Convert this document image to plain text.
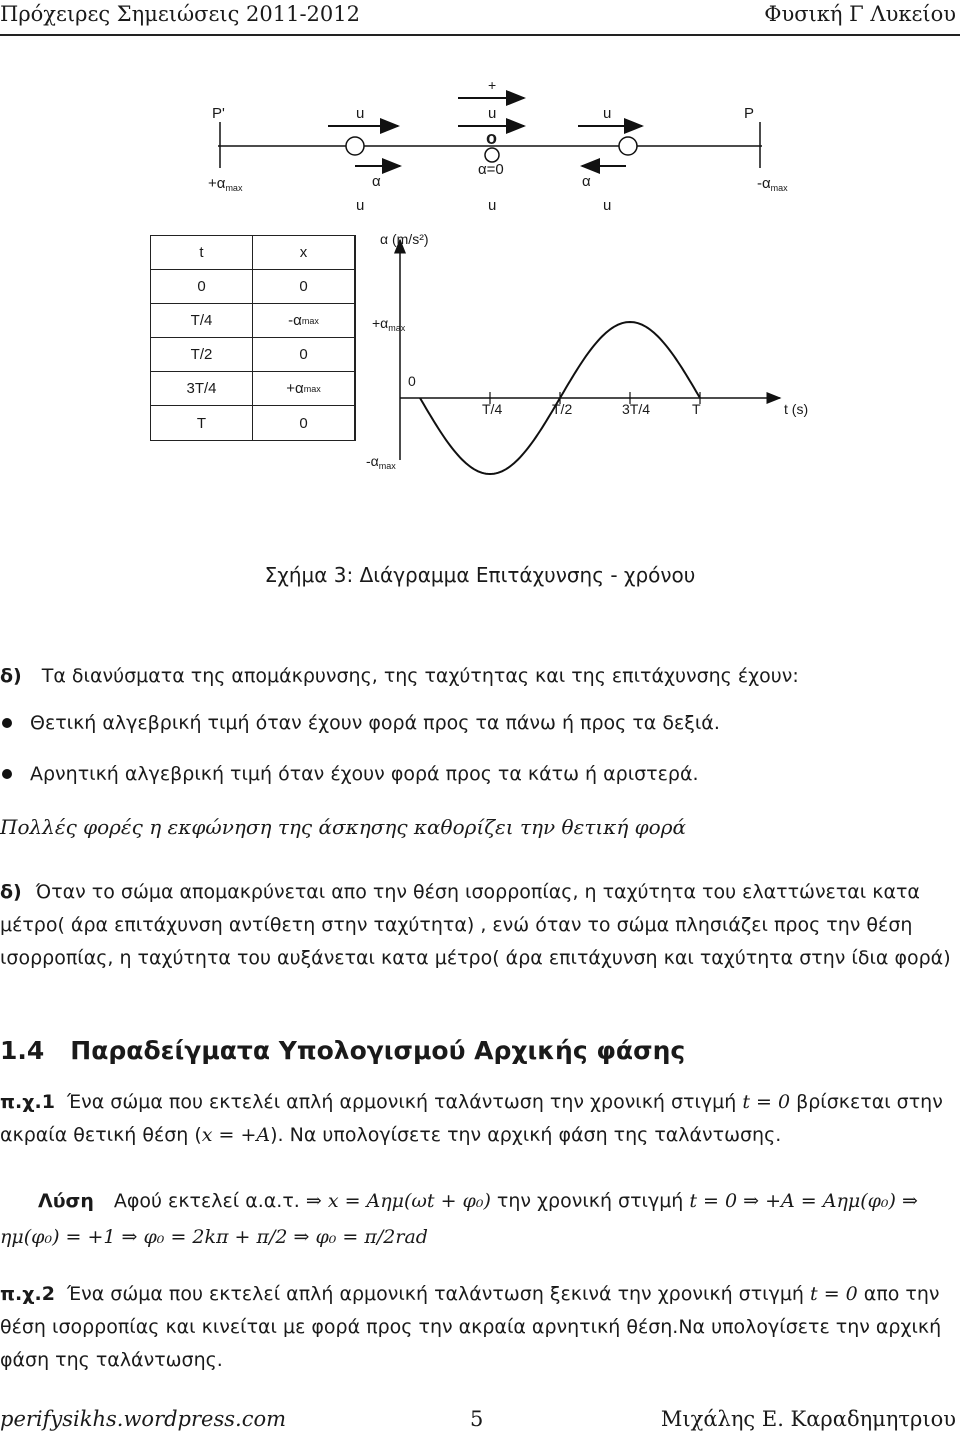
Πρόχειρες Σημειώσεις 2011-2012	Φυσική Γ Λυκείου
P'	P
u
α
+
u
o
α=0
u
α
$+\alpha_{max}$	$-\alpha_{max}$
u	u	u
t	x
0	0
T/4	-α max
T/2	0
3T/4	+α max
T	0
α (m/s²)
t (s)
$+\alpha_{max}$
0
$-\alpha_{max}$
T/4	T/2	3T/4	T
Σχήμα 3: Διάγραμμα Επιτάχυνσης - χρόνου
δ) Τα διανύσματα της απομάκρυνσης, της ταχύτητας και της επιτάχυνσης έχουν:
Θετική αλγεβρική τιμή όταν έχουν φορά προς τα πάνω ή προς τα δεξιά.
Αρνητική αλγεβρική τιμή όταν έχουν φορά προς τα κάτω ή αριστερά.
Πολλές φορές η εκφώνηση της άσκησης καθορίζει την θετική φορά
δ) Όταν το σώμα απομακρύνεται απο την θέση ισορροπίας, η ταχύτητα του ελαττώνεται κατα μέτρο( άρα επιτάχυνση αντίθετη στην ταχύτητα) , ενώ όταν το σώμα πλησιάζει προς την θέση ισορροπίας, η ταχύτητα του αυξάνεται κατα μέτρο( άρα επιτάχυνση και ταχύτητα στην ίδια φορά)
1.4 Παραδείγματα Υπολογισμού Αρχικής φάσης
π.χ.1 Ένα σώμα που εκτελέι απλή αρμονική ταλάντωση την χρονική στιγμή t = 0 βρίσκεται στην ακραία θετική θέση (x = +A). Να υπολογίσετε την αρχική φάση της ταλάντωσης.
Λύση Αφού εκτελεί α.α.τ. ⇒ x = Aημ(ωt + φ₀) την χρονική στιγμή t = 0 ⇒ +A = Aημ(φ₀) ⇒ ημ(φ₀) = +1 ⇒ φ₀ = 2kπ + π/2 ⇒ φ₀ = π/2rad
π.χ.2 Ένα σώμα που εκτελεί απλή αρμονική ταλάντωση ξεκινά την χρονική στιγμή t = 0 απο την θέση ισορροπίας και κινείται με φορά προς την ακραία αρνητική θέση.Να υπολογίσετε την αρχική φάση της ταλάντωσης.
perifysikhs.wordpress.com	5	Μιχάλης Ε. Καραδημητριου
